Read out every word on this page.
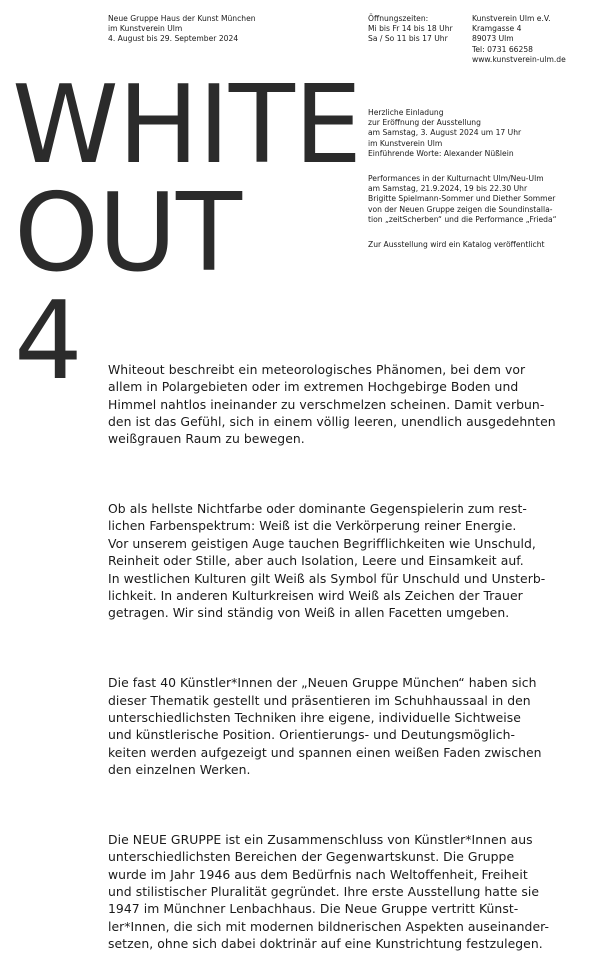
Neue Gruppe Haus der Kunst München
im Kunstverein Ulm
4. August bis 29. September 2024
Öffnungszeiten:
Mi bis Fr 14 bis 18 Uhr
Sa / So 11 bis 17 Uhr
Kunstverein Ulm e.V.
Kramgasse 4
89073 Ulm
Tel: 0731 66258
www.kunstverein-ulm.de
WHITE
OUT
4
Herzliche Einladung
zur Eröffnung der Ausstellung
am Samstag, 3. August 2024 um 17 Uhr
im Kunstverein Ulm
Einführende Worte: Alexander Nüßlein
Performances in der Kulturnacht Ulm/Neu-Ulm
am Samstag, 21.9.2024, 19 bis 22.30 Uhr
Brigitte Spielmann-Sommer und Diether Sommer
von der Neuen Gruppe zeigen die Soundinstalla-
tion „zeitScherben“ und die Performance „Frieda“
Zur Ausstellung wird ein Katalog veröffentlicht

Whiteout beschreibt ein meteorologisches Phänomen, bei dem vor
allem in Polargebieten oder im extremen Hochgebirge Boden und
Himmel nahtlos ineinander zu verschmelzen scheinen. Damit verbun-
den ist das Gefühl, sich in einem völlig leeren, unendlich ausgedehnten
weißgrauen Raum zu bewegen.

Ob als hellste Nichtfarbe oder dominante Gegenspielerin zum rest-
lichen Farbenspektrum: Weiß ist die Verkörperung reiner Energie.
Vor unserem geistigen Auge tauchen Begrifflichkeiten wie Unschuld,
Reinheit oder Stille, aber auch Isolation, Leere und Einsamkeit auf.
In westlichen Kulturen gilt Weiß als Symbol für Unschuld und Unsterb-
lichkeit. In anderen Kulturkreisen wird Weiß als Zeichen der Trauer
getragen. Wir sind ständig von Weiß in allen Facetten umgeben.

Die fast 40 Künstler*Innen der „Neuen Gruppe München“ haben sich
dieser Thematik gestellt und präsentieren im Schuhhaussaal in den
unterschiedlichsten Techniken ihre eigene, individuelle Sichtweise
und künstlerische Position. Orientierungs- und Deutungsmöglich-
keiten werden aufgezeigt und spannen einen weißen Faden zwischen
den einzelnen Werken.

Die NEUE GRUPPE ist ein Zusammenschluss von Künstler*Innen aus
unterschiedlichsten Bereichen der Gegenwartskunst. Die Gruppe
wurde im Jahr 1946 aus dem Bedürfnis nach Weltoffenheit, Freiheit
und stilistischer Pluralität gegründet. Ihre erste Ausstellung hatte sie
1947 im Münchner Lenbachhaus. Die Neue Gruppe vertritt Künst-
ler*Innen, die sich mit modernen bildnerischen Aspekten auseinander-
setzen, ohne sich dabei doktrinär auf eine Kunstrichtung festzulegen.
